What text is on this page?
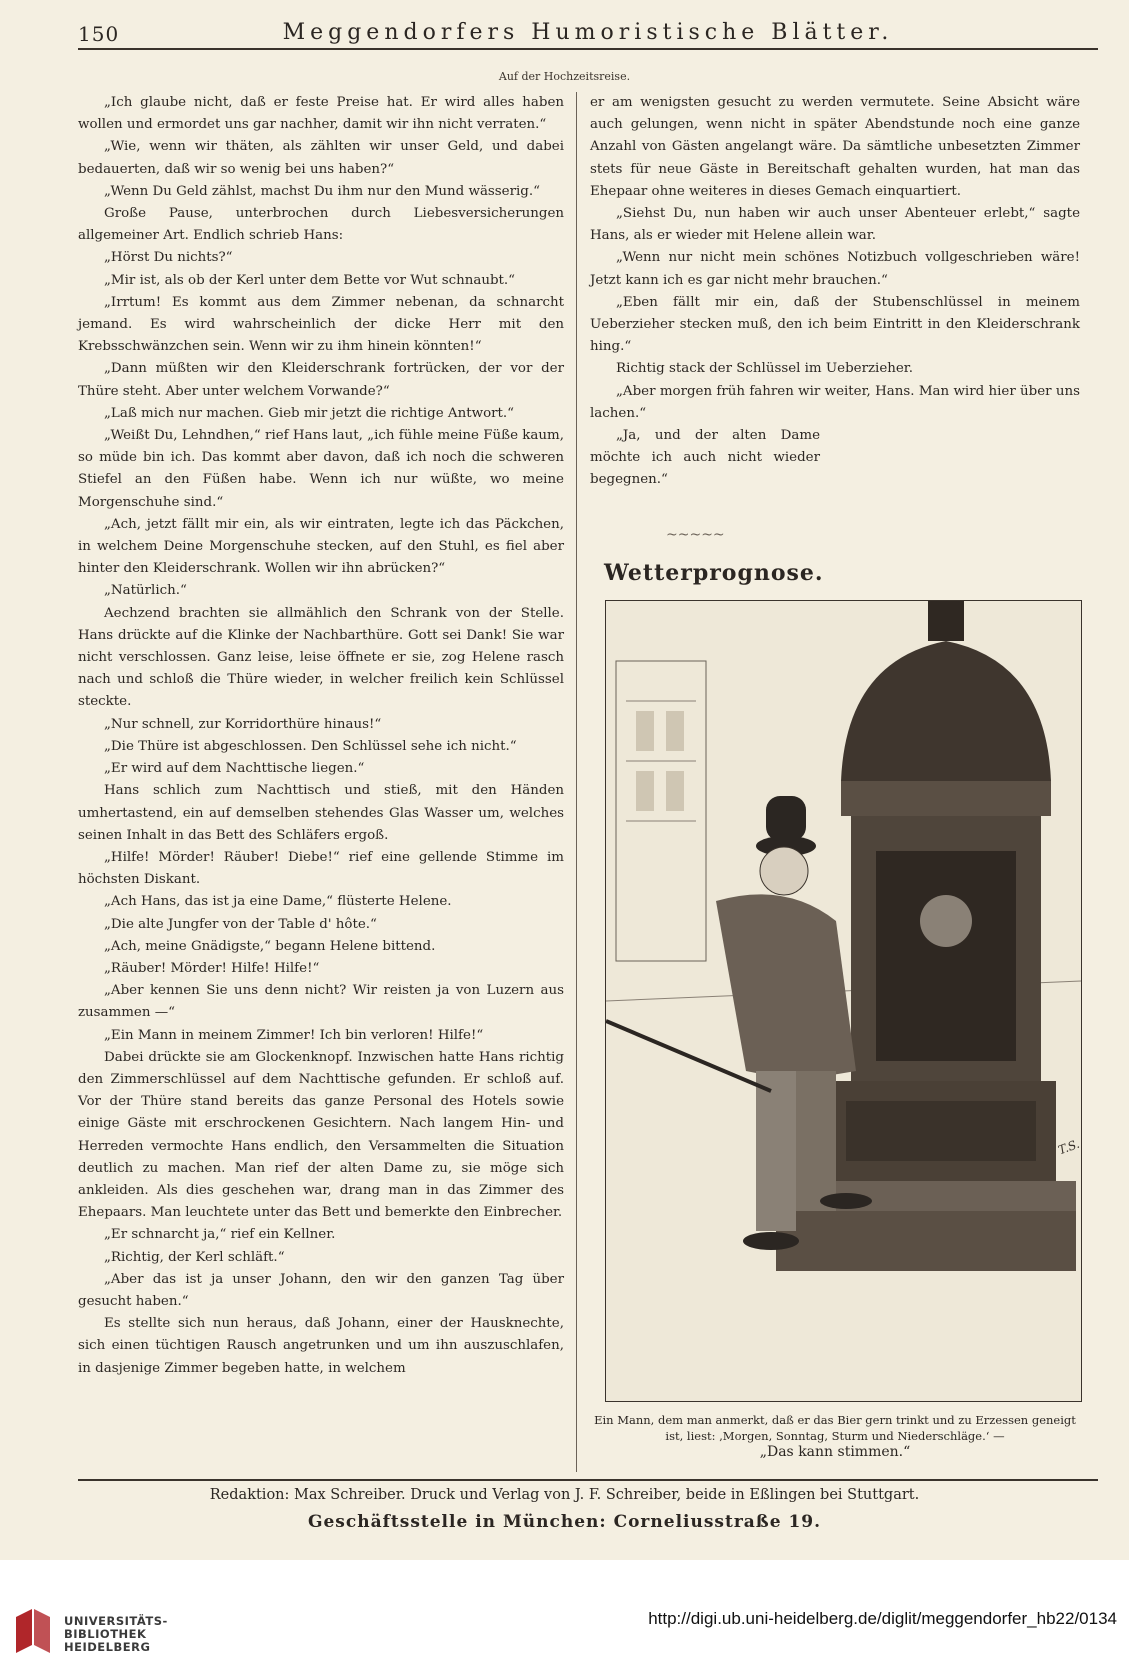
150	Meggendorfers Humoristische Blätter.
Auf der Hochzeitsreise.

„Ich glaube nicht, daß er feste Preise hat. Er wird alles haben wollen und ermordet uns gar nachher, damit wir ihn nicht verraten.“

„Wie, wenn wir thäten, als zählten wir unser Geld, und dabei bedauerten, daß wir so wenig bei uns haben?“

„Wenn Du Geld zählst, machst Du ihm nur den Mund wässerig.“

Große Pause, unterbrochen durch Liebesversicherungen allgemeiner Art. Endlich schrieb Hans:

„Hörst Du nichts?“

„Mir ist, als ob der Kerl unter dem Bette vor Wut schnaubt.“

„Irrtum! Es kommt aus dem Zimmer nebenan, da schnarcht jemand. Es wird wahrscheinlich der dicke Herr mit den Krebsschwänzchen sein. Wenn wir zu ihm hinein könnten!“

„Dann müßten wir den Kleiderschrank fortrücken, der vor der Thüre steht. Aber unter welchem Vorwande?“

„Laß mich nur machen. Gieb mir jetzt die richtige Antwort.“

„Weißt Du, Lehndhen,“ rief Hans laut, „ich fühle meine Füße kaum, so müde bin ich. Das kommt aber davon, daß ich noch die schweren Stiefel an den Füßen habe. Wenn ich nur wüßte, wo meine Morgenschuhe sind.“

„Ach, jetzt fällt mir ein, als wir eintraten, legte ich das Päckchen, in welchem Deine Morgenschuhe stecken, auf den Stuhl, es fiel aber hinter den Kleiderschrank. Wollen wir ihn abrücken?“

„Natürlich.“

Aechzend brachten sie allmählich den Schrank von der Stelle. Hans drückte auf die Klinke der Nachbarthüre. Gott sei Dank! Sie war nicht verschlossen. Ganz leise, leise öffnete er sie, zog Helene rasch nach und schloß die Thüre wieder, in welcher freilich kein Schlüssel steckte.

„Nur schnell, zur Korridorthüre hinaus!“

„Die Thüre ist abgeschlossen. Den Schlüssel sehe ich nicht.“

„Er wird auf dem Nachttische liegen.“

Hans schlich zum Nachttisch und stieß, mit den Händen umhertastend, ein auf demselben stehendes Glas Wasser um, welches seinen Inhalt in das Bett des Schläfers ergoß.

„Hilfe! Mörder! Räuber! Diebe!“ rief eine gellende Stimme im höchsten Diskant.

„Ach Hans, das ist ja eine Dame,“ flüsterte Helene.

„Die alte Jungfer von der Table d' hôte.“

„Ach, meine Gnädigste,“ begann Helene bittend.

„Räuber! Mörder! Hilfe! Hilfe!“

„Aber kennen Sie uns denn nicht? Wir reisten ja von Luzern aus zusammen —“

„Ein Mann in meinem Zimmer! Ich bin verloren! Hilfe!“

Dabei drückte sie am Glockenknopf. Inzwischen hatte Hans richtig den Zimmerschlüssel auf dem Nachttische gefunden. Er schloß auf. Vor der Thüre stand bereits das ganze Personal des Hotels sowie einige Gäste mit erschrockenen Gesichtern. Nach langem Hin- und Herreden vermochte Hans endlich, den Versammelten die Situation deutlich zu machen. Man rief der alten Dame zu, sie möge sich ankleiden. Als dies geschehen war, drang man in das Zimmer des Ehepaars. Man leuchtete unter das Bett und bemerkte den Einbrecher.

„Er schnarcht ja,“ rief ein Kellner.

„Richtig, der Kerl schläft.“

„Aber das ist ja unser Johann, den wir den ganzen Tag über gesucht haben.“

Es stellte sich nun heraus, daß Johann, einer der Hausknechte, sich einen tüchtigen Rausch angetrunken und um ihn auszuschlafen, in dasjenige Zimmer begeben hatte, in welchem

er am wenigsten gesucht zu werden vermutete. Seine Absicht wäre auch gelungen, wenn nicht in später Abendstunde noch eine ganze Anzahl von Gästen angelangt wäre. Da sämtliche unbesetzten Zimmer stets für neue Gäste in Bereitschaft gehalten wurden, hat man das Ehepaar ohne weiteres in dieses Gemach einquartiert.

„Siehst Du, nun haben wir auch unser Abenteuer erlebt,“ sagte Hans, als er wieder mit Helene allein war.

„Wenn nur nicht mein schönes Notizbuch vollgeschrieben wäre! Jetzt kann ich es gar nicht mehr brauchen.“

„Eben fällt mir ein, daß der Stubenschlüssel in meinem Ueberzieher stecken muß, den ich beim Eintritt in den Kleiderschrank hing.“

Richtig stack der Schlüssel im Ueberzieher.

„Aber morgen früh fahren wir weiter, Hans. Man wird hier über uns lachen.“

„Ja, und der alten Dame möchte ich auch nicht wieder begegnen.“

~~~~~
Wetterprognose.
T.S.
Ein Mann, dem man anmerkt, daß er das Bier gern trinkt und zu Erzessen geneigt ist, liest: ‚Morgen, Sonntag, Sturm und Niederschläge.‘ —
„Das kann stimmen.“
Redaktion: Max Schreiber. Druck und Verlag von J. F. Schreiber, beide in Eßlingen bei Stuttgart.
Geschäftsstelle in München: Corneliusstraße 19.
UNIVERSITÄTS-
BIBLIOTHEK
HEIDELBERG
http://digi.ub.uni-heidelberg.de/diglit/meggendorfer_hb22/0134
